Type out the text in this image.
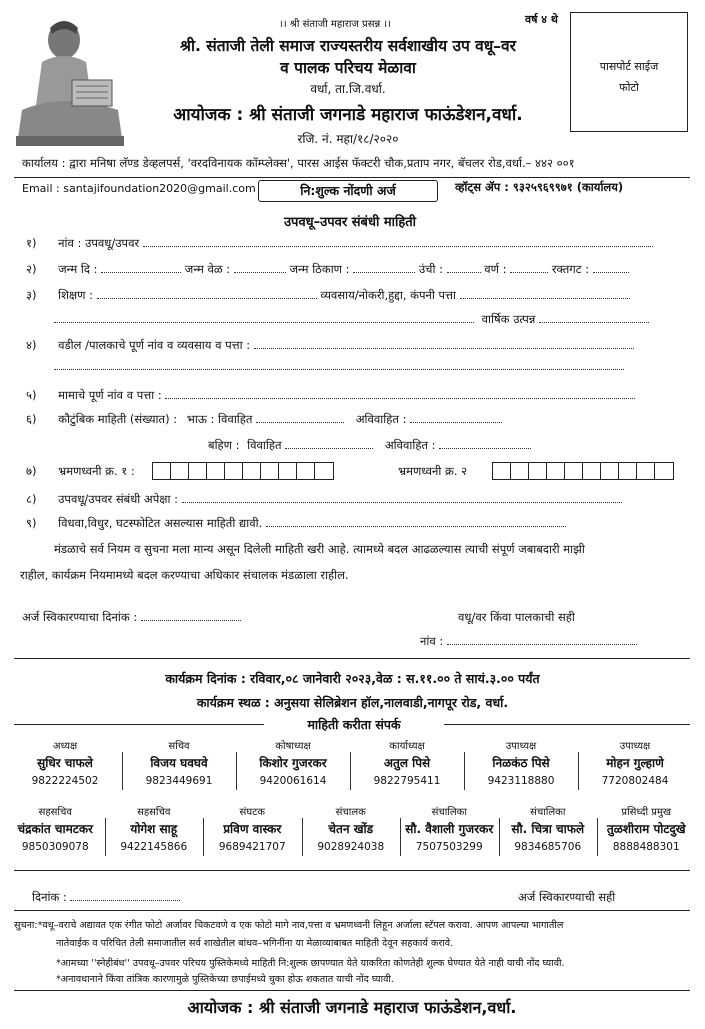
।। श्री संताजी महाराज प्रसन्न ।।	वर्ष ४ थे
श्री. संताजी तेली समाज राज्यस्तरीय सर्वशाखीय उप वधू–वर
व पालक परिचय मेळावा
वर्धा, ता.जि.वर्धा.
आयोजक : श्री संताजी जगनाडे महाराज फाऊंडेशन,वर्धा.
रजि. नं. महा/१८/२०२०
पासपोर्ट साईज
फोटो
कार्यालय : द्वारा मनिषा लॅण्ड डेव्हलपर्स, 'वरदविनायक कॉम्प्लेक्स', पारस आईस फॅक्टरी चौक,प्रताप नगर, बॅचलर रोड,वर्धा.– ४४२ ००१
Email : santajifoundation2020@gmail.com	नि:शुल्क नोंदणी अर्ज	व्हॉट्स ॲप : ९३२५९६९९७१ (कार्यालय)
उपवधू–उपवर संबंधी माहिती
१) नांव : उपवधू/उपवर
२) जन्म दि :	जन्म वेळ :	जन्म ठिकाण :	उंची :	वर्ण :	रक्तगट :
३) शिक्षण :	व्यवसाय/नोकरी,हुद्दा, कंपनी पत्ता
वार्षिक उत्पन्न
४) वडील /पालकाचे पूर्ण नांव व व्यवसाय व पत्ता :
५) मामाचे पूर्ण नांव व पत्ता :
६) कौटुंबिक माहिती (संख्यात) : भाऊ : विवाहित	अविवाहित :
बहिण : विवाहित	अविवाहित :
७) भ्रमणध्वनी क्र. १ :	भ्रमणध्वनी क्र. २
८) उपवधू/उपवर संबंधी अपेक्षा :
९) विधवा,विधुर, घटस्फोटित असल्यास माहिती द्यावी.
मंडळाचे सर्व नियम व सुचना मला मान्य असून दिलेली माहिती खरी आहे. त्यामध्ये बदल आढळल्यास त्याची संपूर्ण जबाबदारी माझी
राहील, कार्यक्रम नियमामध्ये बदल करण्याचा अधिकार संचालक मंडळाला राहील.
अर्ज स्विकारण्याचा दिनांक :	वधू/वर किंवा पालकाची सही
नांव :
कार्यक्रम दिनांक : रविवार,०८ जानेवारी २०२३,वेळ : स.११.०० ते सायं.३.०० पर्यंत
कार्यक्रम स्थळ : अनुसया सेलिब्रेशन हॉल,नालवाडी,नागपूर रोड, वर्धा.
माहिती करीता संपर्क
अध्यक्ष
सुधिर चाफले
9822224502
सचिव
विजय घवघवे
9823449691
कोषाध्यक्ष
किशोर गुजरकर
9420061614
कार्याध्यक्ष
अतुल पिसे
9822795411
उपाध्यक्ष
निळकंठ पिसे
9423118880
उपाध्यक्ष
मोहन गुल्हाणे
7720802484
सहसचिव
चंद्रकांत चामटकर
9850309078
सहसचिव
योगेश साहू
9422145866
संघटक
प्रविण वास्कर
9689421707
संचालक
चेतन खोंड
9028924038
संचालिका
सौ. वैशाली गुजरकर
7507503299
संचालिका
सौ. चित्रा चाफले
9834685706
प्रसिध्दी प्रमुख
तुळशीराम पोटदुखे
8888488301
दिनांक :	अर्ज स्विकारण्याची सही
सुचना:*वधू–वराचे अद्यावत एक रंगीत फोटो अर्जावर चिकटवणे व एक फोटो मागे नाव,पत्ता व भ्रमणध्वनी लिहून अर्जाला स्टॅपल करावा. आपण आपल्या भागातील
नातेवाईक व परिचित तेली समाजातील सर्व शाखेतील बांधव–भगिनींना या मेळाव्याबाबत माहिती देवून सहकार्य करावे.
*आमच्या ''स्नेहीबंध'' उपवधू–उपवर परिचय पुस्तिकेमध्ये माहिती नि:शुल्क छापण्यात येते याकरिता कोणतेही शुल्क घेण्यात येते नाही याची नोंद घ्यावी.
*अनावधानाने किंवा तांत्रिक कारणामुळे पुस्तिकेच्या छपाईमध्ये चुका होऊ शकतात याची नोंद घ्यावी.
आयोजक : श्री संताजी जगनाडे महाराज फाऊंडेशन,वर्धा.
